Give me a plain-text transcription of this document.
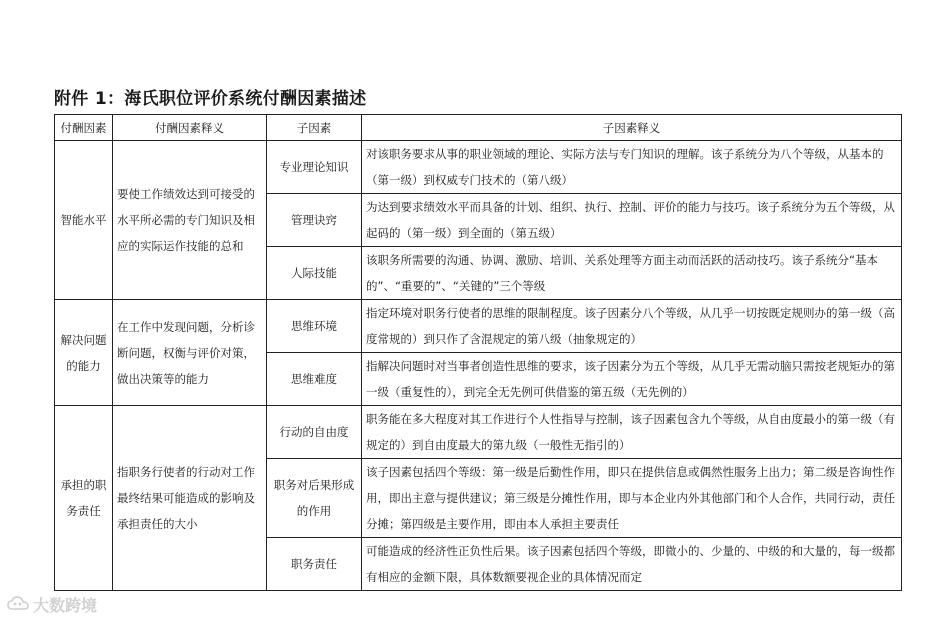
附件 1：海氏职位评价系统付酬因素描述
付酬因素	付酬因素释义	子因素	子因素释义
智能水平	要使工作绩效达到可接受的水平所必需的专门知识及相应的实际运作技能的总和	专业理论知识	对该职务要求从事的职业领域的理论、实际方法与专门知识的理解。该子系统分为八个等级，从基本的（第一级）到权威专门技术的（第八级）
		管理诀窍	为达到要求绩效水平而具备的计划、组织、执行、控制、评价的能力与技巧。该子系统分为五个等级，从起码的（第一级）到全面的（第五级）
		人际技能	该职务所需要的沟通、协调、激励、培训、关系处理等方面主动而活跃的活动技巧。该子系统分“基本的”、“重要的”、“关键的”三个等级
解决问题的能力	在工作中发现问题，分析诊断问题，权衡与评价对策，做出决策等的能力	思维环境	指定环境对职务行使者的思维的限制程度。该子因素分八个等级，从几乎一切按既定规则办的第一级（高度常规的）到只作了含混规定的第八级（抽象规定的）
		思维难度	指解决问题时对当事者创造性思维的要求，该子因素分为五个等级，从几乎无需动脑只需按老规矩办的第一级（重复性的），到完全无先例可供借鉴的第五级（无先例的）
承担的职务责任	指职务行使者的行动对工作最终结果可能造成的影响及承担责任的大小	行动的自由度	职务能在多大程度对其工作进行个人性指导与控制，该子因素包含九个等级，从自由度最小的第一级（有规定的）到自由度最大的第九级（一般性无指引的）
		职务对后果形成的作用	该子因素包括四个等级：第一级是后勤性作用，即只在提供信息或偶然性服务上出力；第二级是咨询性作用，即出主意与提供建议；第三级是分摊性作用，即与本企业内外其他部门和个人合作，共同行动，责任分摊；第四级是主要作用，即由本人承担主要责任
		职务责任	可能造成的经济性正负性后果。该子因素包括四个等级，即微小的、少量的、中级的和大量的，每一级都有相应的金额下限，具体数额要视企业的具体情况而定
大数跨境
